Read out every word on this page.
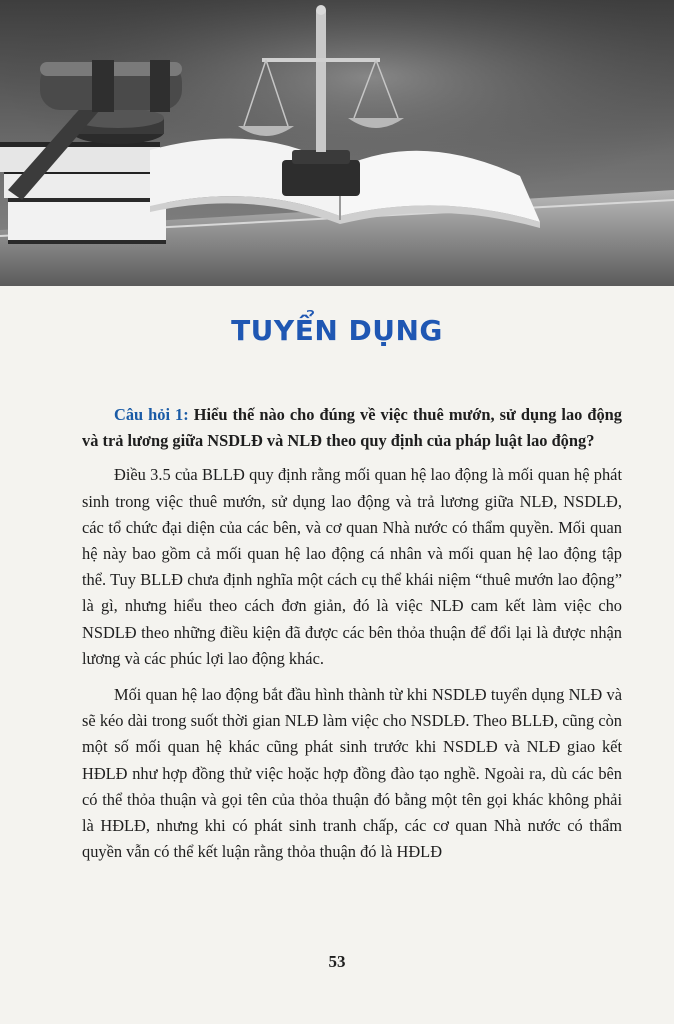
TUYỂN DỤNG

Câu hỏi 1: Hiểu thế nào cho đúng về việc thuê mướn, sử dụng lao động và trả lương giữa NSDLĐ và NLĐ theo quy định của pháp luật lao động?

Điều 3.5 của BLLĐ quy định rằng mối quan hệ lao động là mối quan hệ phát sinh trong việc thuê mướn, sử dụng lao động và trả lương giữa NLĐ, NSDLĐ, các tổ chức đại diện của các bên, và cơ quan Nhà nước có thẩm quyền. Mối quan hệ này bao gồm cả mối quan hệ lao động cá nhân và mối quan hệ lao động tập thể. Tuy BLLĐ chưa định nghĩa một cách cụ thể khái niệm “thuê mướn lao động” là gì, nhưng hiểu theo cách đơn giản, đó là việc NLĐ cam kết làm việc cho NSDLĐ theo những điều kiện đã được các bên thỏa thuận để đổi lại là được nhận lương và các phúc lợi lao động khác.

Mối quan hệ lao động bắt đầu hình thành từ khi NSDLĐ tuyển dụng NLĐ và sẽ kéo dài trong suốt thời gian NLĐ làm việc cho NSDLĐ. Theo BLLĐ, cũng còn một số mối quan hệ khác cũng phát sinh trước khi NSDLĐ và NLĐ giao kết HĐLĐ như hợp đồng thử việc hoặc hợp đồng đào tạo nghề. Ngoài ra, dù các bên có thể thỏa thuận và gọi tên của thỏa thuận đó bằng một tên gọi khác không phải là HĐLĐ, nhưng khi có phát sinh tranh chấp, các cơ quan Nhà nước có thẩm quyền vẫn có thể kết luận rằng thỏa thuận đó là HĐLĐ

53
